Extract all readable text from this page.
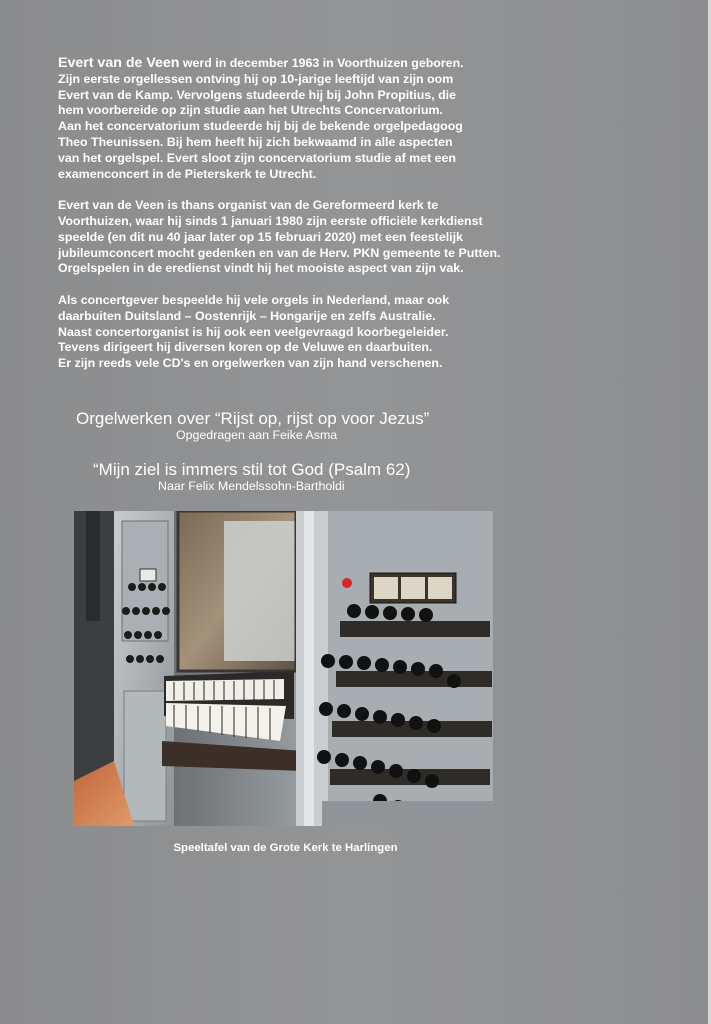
Evert van de Veen werd in december 1963 in Voorthuizen geboren.
Zijn eerste orgellessen ontving hij op 10-jarige leeftijd van zijn oom
Evert van de Kamp. Vervolgens studeerde hij bij John Propitius, die
hem voorbereide op zijn studie aan het Utrechts Concervatorium.
Aan het concervatorium studeerde hij bij de bekende orgelpedagoog
Theo Theunissen. Bij hem heeft hij zich bekwaamd in alle aspecten
van het orgelspel. Evert sloot zijn concervatorium studie af met een
examenconcert in de Pieterskerk te Utrecht.

Evert van de Veen is thans organist van de Gereformeerd kerk te
Voorthuizen, waar hij sinds 1 januari 1980 zijn eerste officiële kerkdienst
speelde (en dit nu 40 jaar later op 15 februari 2020) met een feestelijk
jubileumconcert mocht gedenken en van de Herv. PKN gemeente te Putten.
Orgelspelen in de eredienst vindt hij het mooiste aspect van zijn vak.

Als concertgever bespeelde hij vele orgels in Nederland, maar ook
daarbuiten Duitsland – Oostenrijk – Hongarije en zelfs Australie.
Naast concertorganist is hij ook een veelgevraagd koorbegeleider.
Tevens dirigeert hij diversen koren op de Veluwe en daarbuiten.
Er zijn reeds vele CD's en orgelwerken van zijn hand verschenen.

Orgelwerken over “Rijst op, rijst op voor Jezus”
Opgedragen aan Feike Asma
“Mijn ziel is immers stil tot God (Psalm 62)
Naar Felix Mendelssohn-Bartholdi
Speeltafel van de Grote Kerk te Harlingen
